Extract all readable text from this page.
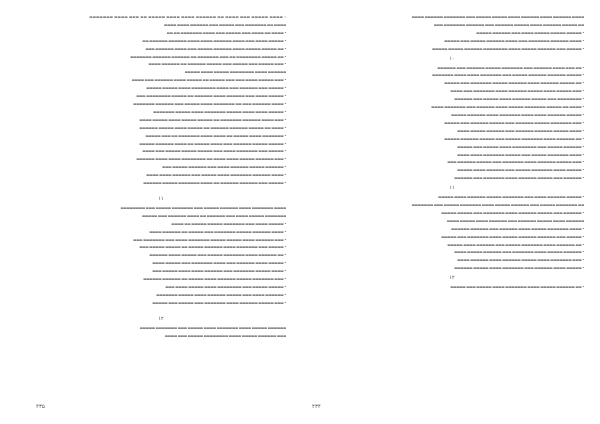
۱ ▬▬▬▬ ▬▬▬▬▬ ▬▬▬ ▬▬▬▬ ▬▬ ▬▬▬▬▬▬ ▬▬▬▬ ▬▬▬▬ ▬▬▬▬▬ ▬▬ ▬▬▬ ▬▬▬▬ ▬▬▬▬▬▬▬
▬▬▬▬ ▬▬ ▬▬▬▬▬▬▬ ▬▬▬ ▬▬▬▬▬ ▬▬▬ ▬▬▬▬▬▬ ▬▬▬▬ ▬▬▬▬
• ▬▬▬▬ ▬▬ ▬▬▬▬ ▬▬▬ ▬▬▬▬▬ ▬▬▬ ▬▬▬▬ ▬▬▬▬▬▬▬ ▬▬ ▬▬
• ▬▬▬▬▬ ▬▬▬▬ ▬▬▬ ▬▬▬▬ ▬▬▬▬▬▬ ▬▬▬▬ ▬▬▬▬ ▬▬▬▬▬▬ ▬▬▬▬▬▬ ▬▬
• ▬▬ ▬▬▬▬▬ ▬▬▬▬▬ ▬▬▬▬ ▬▬▬▬▬▬ ▬▬▬▬▬ ▬▬▬ ▬▬▬▬ ▬▬▬▬▬▬ ▬▬▬
• ▬▬ ▬▬▬▬▬ ▬▬▬▬▬▬▬▬ ▬▬ ▬▬▬ ▬▬▬▬▬▬▬ ▬▬ ▬▬▬▬▬▬ ▬▬▬▬▬▬ ▬▬▬▬▬▬▬
• ▬▬▬ ▬▬▬▬▬ ▬▬▬ ▬▬▬▬▬ ▬▬▬ ▬▬▬▬▬ ▬▬▬▬▬▬ ▬▬ ▬▬▬▬▬▬ ▬▬▬▬
▬▬▬▬▬▬ ▬▬▬▬ ▬▬▬▬▬▬▬▬ ▬▬▬▬▬ ▬▬▬▬ ▬▬▬▬▬
• ▬▬▬ ▬▬▬▬▬ ▬▬▬▬ ▬▬▬ ▬▬▬ ▬▬▬▬▬ ▬▬ ▬▬▬▬▬ ▬▬▬▬ ▬▬▬▬▬▬ ▬▬▬ ▬▬▬▬
• ▬▬▬▬▬ ▬▬▬ ▬▬▬▬▬▬ ▬▬▬ ▬▬▬▬ ▬▬▬▬▬▬▬▬ ▬▬▬▬ ▬▬▬▬▬ ▬▬▬▬▬
• ▬▬▬▬▬ ▬▬▬▬ ▬▬▬ ▬▬▬▬▬▬ ▬▬▬▬ ▬▬▬▬▬▬ ▬▬ ▬▬▬▬▬ ▬▬▬▬▬▬▬▬ ▬▬▬
• ▬▬▬▬ ▬▬▬▬▬▬ ▬▬▬ ▬▬ ▬▬▬▬▬▬▬ ▬▬▬▬ ▬▬▬▬▬ ▬▬▬ ▬▬▬▬▬▬ ▬▬▬▬▬▬▬
• ▬▬▬▬▬ ▬▬▬▬ ▬▬▬▬ ▬▬▬▬▬ ▬▬▬▬▬▬▬ ▬▬▬▬ ▬▬▬▬▬ ▬▬▬▬▬▬▬
• ▬▬▬ ▬▬▬▬ ▬▬▬▬▬▬ ▬▬▬▬▬▬▬ ▬▬ ▬▬▬▬▬ ▬▬▬▬▬ ▬▬▬▬ ▬▬▬▬▬ ▬▬▬▬
• ▬▬▬▬ ▬▬ ▬▬▬▬▬ ▬▬▬▬▬▬ ▬▬▬▬▬▬ ▬▬ ▬▬▬▬▬ ▬▬▬▬ ▬▬▬▬▬ ▬▬▬▬▬▬
• ▬▬▬▬▬▬▬ ▬▬▬▬ ▬▬▬▬▬ ▬▬ ▬▬▬▬ ▬▬▬▬ ▬▬▬▬▬▬▬ ▬▬ ▬▬▬ ▬▬▬▬▬
• ▬▬▬▬▬ ▬▬▬▬▬ ▬▬▬▬▬▬ ▬▬▬ ▬▬▬▬ ▬▬▬▬▬ ▬▬ ▬▬▬▬ ▬▬▬▬▬▬ ▬▬▬▬▬
• ▬▬▬▬▬ ▬▬▬ ▬▬▬▬▬▬▬ ▬▬▬▬ ▬▬▬ ▬▬▬▬▬ ▬▬▬▬▬ ▬▬▬▬▬ ▬▬▬ ▬▬▬▬
• ▬▬▬ ▬▬▬▬▬▬ ▬▬▬▬▬ ▬▬▬▬ ▬▬▬▬ ▬▬ ▬▬▬▬▬▬▬▬ ▬▬▬▬ ▬▬▬▬ ▬▬▬▬▬▬
• ▬▬▬▬▬▬ ▬▬▬▬▬ ▬▬▬▬▬▬ ▬▬▬▬ ▬▬▬ ▬▬▬▬▬▬ ▬▬▬▬▬ ▬▬▬
• ▬▬▬▬ ▬▬▬▬▬▬ ▬▬▬▬▬▬▬ ▬▬▬▬ ▬▬▬▬▬ ▬▬▬ ▬▬▬▬▬▬ ▬▬▬▬ ▬▬▬▬
• ▬▬▬▬▬ ▬▬▬ ▬▬▬▬▬▬ ▬▬▬▬▬▬ ▬▬ ▬▬▬▬ ▬▬▬▬▬▬▬ ▬▬▬▬▬ ▬▬▬▬▬▬
۱۱
▬▬▬▬ ▬▬▬▬▬▬▬ ▬▬▬▬ ▬▬▬▬▬▬ ▬▬▬▬▬ ▬▬▬ ▬▬▬▬▬▬▬ ▬▬▬▬▬ ▬▬▬ ▬▬▬▬▬▬▬▬
▬▬▬▬▬▬▬ ▬▬▬▬▬ ▬▬▬▬ ▬▬▬ ▬▬▬▬▬▬ ▬▬ ▬▬▬▬ ▬▬▬▬▬▬ ▬▬▬ ▬▬▬▬▬
• ▬▬▬▬▬ ▬▬▬▬ ▬▬▬ ▬▬▬▬▬▬▬ ▬▬▬▬▬ ▬▬▬▬▬ ▬▬ ▬▬▬▬
• ▬▬▬▬ ▬▬▬▬▬▬ ▬▬▬▬▬ ▬▬▬▬▬▬▬ ▬▬▬ ▬▬▬▬▬ ▬▬ ▬▬▬▬▬▬ ▬▬▬▬
• ▬▬▬ ▬▬▬▬▬▬ ▬▬▬▬ ▬▬▬▬▬ ▬▬▬▬▬ ▬▬▬▬▬▬▬ ▬▬▬▬ ▬▬▬ ▬▬▬▬▬▬▬ ▬▬▬
• ▬▬▬▬▬ ▬▬▬ ▬▬▬▬▬▬▬ ▬▬▬▬ ▬▬▬▬▬▬ ▬▬▬▬▬ ▬▬ ▬▬▬▬▬ ▬▬▬▬▬ ▬▬▬
• ▬▬ ▬▬▬▬▬▬ ▬▬▬▬ ▬▬▬▬▬▬▬ ▬▬▬▬▬ ▬▬▬ ▬▬▬▬▬ ▬▬▬▬ ▬▬▬▬▬▬
• ▬▬▬▬▬ ▬▬▬▬ ▬▬▬▬▬▬ ▬▬▬ ▬▬▬▬ ▬▬▬▬▬▬▬ ▬▬▬ ▬▬▬▬▬ ▬▬▬▬
• ▬▬▬▬ ▬▬▬▬▬ ▬▬▬▬▬▬▬ ▬▬▬ ▬▬▬▬▬▬ ▬▬▬▬ ▬▬▬▬ ▬▬▬▬▬ ▬▬▬
• ▬▬▬ ▬▬▬▬▬▬▬ ▬▬▬▬▬ ▬▬▬▬▬▬ ▬▬▬▬ ▬▬▬▬▬ ▬▬ ▬▬▬▬▬▬ ▬▬▬▬▬▬
• ▬▬▬▬▬ ▬▬▬▬▬ ▬▬▬ ▬▬▬▬▬▬▬▬ ▬▬▬▬ ▬▬▬▬▬ ▬▬▬▬ ▬▬▬
• ▬▬▬▬▬▬ ▬▬▬▬ ▬▬▬ ▬▬▬▬▬ ▬▬▬▬▬▬ ▬▬▬▬ ▬▬▬▬▬ ▬▬▬▬▬▬▬
• ▬▬▬ ▬▬▬▬▬ ▬▬▬▬▬▬ ▬▬▬▬ ▬▬▬▬▬▬▬ ▬▬▬ ▬▬▬▬▬ ▬▬▬ ▬▬▬▬▬
۱۲
▬▬▬▬▬▬ ▬▬▬▬▬ ▬▬▬▬ ▬▬▬▬▬▬▬ ▬▬▬▬ ▬▬▬▬▬ ▬▬▬ ▬▬▬▬▬▬▬ ▬▬▬▬▬
▬▬▬ ▬▬▬▬▬▬ ▬▬▬▬▬ ▬▬▬▬ ▬▬▬▬▬▬▬▬ ▬▬▬▬▬ ▬▬▬ ▬▬▬▬
۴۳۵
▬▬▬▬ ▬▬▬▬▬▬ ▬▬▬▬ ▬▬▬▬▬▬ ▬▬▬▬ ▬▬▬▬▬ ▬▬▬▬▬ ▬▬▬ ▬▬▬▬▬▬▬ ▬▬▬▬▬▬ ▬▬▬▬
▬▬ ▬▬▬▬▬ ▬▬▬▬▬▬ ▬▬▬▬ ▬▬▬▬▬ ▬▬▬▬▬▬ ▬▬▬ ▬▬▬▬▬▬ ▬▬▬▬▬▬▬ ▬▬▬
• ▬▬▬▬▬ ▬▬▬▬▬ ▬▬▬▬▬ ▬▬▬▬ ▬▬▬ ▬▬▬▬▬▬ ▬▬▬▬▬
• ▬▬▬▬ ▬▬▬▬▬▬ ▬▬▬▬▬▬▬ ▬▬▬ ▬▬▬▬ ▬▬▬▬▬▬ ▬▬▬▬▬ ▬▬▬ ▬▬▬▬▬
• ▬▬▬▬▬ ▬▬▬ ▬▬▬▬▬▬ ▬▬▬▬▬ ▬▬▬▬ ▬▬▬▬▬▬▬▬ ▬▬▬▬▬▬ ▬▬▬▬▬ ▬▬▬▬▬
۱۰
• ▬▬ ▬▬▬ ▬▬▬▬ ▬▬▬▬▬▬ ▬▬▬ ▬▬▬▬▬▬▬ ▬▬▬▬▬ ▬▬▬▬▬▬ ▬▬▬ ▬▬▬▬▬▬
• ▬▬▬▬▬ ▬▬▬▬▬▬ ▬▬▬▬▬▬ ▬▬▬▬▬ ▬▬▬ ▬▬▬▬▬▬▬ ▬▬▬▬ ▬▬▬▬ ▬▬▬▬▬▬▬
• ▬▬ ▬▬▬▬▬ ▬▬▬▬▬▬ ▬▬▬▬ ▬▬▬▬▬▬ ▬▬▬▬▬ ▬▬▬▬▬▬▬ ▬▬▬ ▬▬▬▬▬
• ▬▬▬ ▬▬▬▬▬ ▬▬▬▬ ▬▬▬▬▬ ▬▬▬▬▬▬ ▬▬▬▬ ▬▬▬▬▬▬▬ ▬▬▬ ▬▬▬▬
• ▬▬▬▬▬▬▬▬ ▬▬▬ ▬▬▬▬▬ ▬▬▬▬▬▬ ▬▬▬▬ ▬▬▬▬▬ ▬▬▬ ▬▬▬▬▬▬
• ▬▬▬▬ ▬▬ ▬▬▬▬▬ ▬▬▬▬▬▬▬ ▬▬▬▬▬ ▬▬▬▬ ▬▬▬▬▬▬ ▬▬▬ ▬▬▬▬▬▬▬ ▬▬▬▬
• ▬▬▬▬▬ ▬▬▬▬▬▬ ▬▬▬▬ ▬▬▬▬ ▬▬▬▬▬▬▬ ▬▬▬▬ ▬▬▬▬▬▬ ▬▬▬▬▬
• ▬▬▬ ▬▬▬▬▬▬▬ ▬▬▬▬▬ ▬▬▬▬▬▬ ▬▬▬ ▬▬▬▬▬ ▬▬▬▬▬▬ ▬▬▬ ▬▬▬▬▬
• ▬▬▬▬ ▬▬▬▬▬ ▬▬▬▬▬▬ ▬▬▬▬▬▬ ▬▬▬ ▬▬▬▬▬▬ ▬▬▬▬▬ ▬▬▬▬
• ▬▬ ▬▬▬▬▬▬ ▬▬▬▬ ▬▬▬▬▬▬▬ ▬▬▬▬▬ ▬▬▬ ▬▬▬▬▬ ▬▬▬▬▬▬ ▬▬▬▬▬
• ▬▬▬▬▬▬ ▬▬▬▬▬ ▬▬▬ ▬▬▬▬▬▬▬▬ ▬▬▬▬ ▬▬▬▬▬ ▬▬▬ ▬▬▬▬▬
• ▬▬▬▬ ▬▬▬▬▬▬▬ ▬▬▬▬▬ ▬▬▬ ▬▬▬▬▬ ▬▬▬▬▬▬▬ ▬▬▬▬ ▬▬▬▬
• ▬▬▬ ▬▬▬▬▬ ▬▬▬▬▬▬ ▬▬▬▬ ▬▬▬▬▬▬▬ ▬▬▬ ▬▬▬▬▬ ▬▬▬▬▬▬ ▬▬▬
• ▬▬▬▬▬ ▬▬▬▬ ▬▬▬▬▬▬▬ ▬▬▬▬▬ ▬▬▬ ▬▬▬▬▬▬ ▬▬▬▬ ▬▬▬▬▬
• ▬▬▬▬▬▬ ▬▬▬ ▬▬▬▬▬ ▬▬▬▬▬▬ ▬▬▬▬ ▬▬▬▬▬▬▬ ▬▬▬ ▬▬▬▬▬▬
۱۱
• ▬▬▬▬▬ ▬▬▬▬▬▬ ▬▬▬▬ ▬▬▬ ▬▬▬▬▬▬▬ ▬▬▬▬▬ ▬▬▬▬▬▬ ▬▬▬▬ ▬▬▬▬▬
▬▬ ▬▬▬▬▬▬▬ ▬▬▬▬▬ ▬▬▬ ▬▬▬▬▬▬ ▬▬▬▬▬ ▬▬▬▬ ▬▬▬▬▬▬▬ ▬▬▬▬▬ ▬▬▬ ▬▬▬▬▬▬▬
• ▬▬▬▬▬▬ ▬▬▬ ▬▬▬▬▬ ▬▬▬▬▬▬ ▬▬▬▬ ▬▬▬▬▬▬▬ ▬▬▬ ▬▬▬▬▬ ▬▬▬▬▬
▬▬▬▬▬▬ ▬▬▬▬ ▬▬▬▬▬ ▬▬▬▬▬▬ ▬▬▬ ▬▬▬▬▬▬ ▬▬▬▬ ▬▬▬▬▬ ▬▬▬▬
• ▬▬▬▬ ▬▬▬▬▬▬▬ ▬▬▬▬▬ ▬▬▬▬ ▬▬▬▬▬▬ ▬▬▬ ▬▬▬▬▬▬ ▬▬▬▬▬▬
• ▬▬▬▬▬ ▬▬▬ ▬▬▬▬▬▬ ▬▬▬▬▬▬ ▬▬▬▬▬ ▬▬▬▬ ▬▬▬▬▬▬▬ ▬▬▬ ▬▬▬▬▬
• ▬▬ ▬▬▬▬▬▬ ▬▬▬▬ ▬▬▬▬▬▬▬ ▬▬▬▬▬ ▬▬▬ ▬▬▬▬▬▬ ▬▬▬▬ ▬▬▬▬▬
• ▬▬▬▬▬▬ ▬▬▬▬▬ ▬▬▬▬ ▬▬▬▬▬▬▬ ▬▬▬ ▬▬▬▬▬▬ ▬▬▬▬▬ ▬▬▬▬
• ▬▬▬ ▬▬▬▬▬▬▬ ▬▬▬▬ ▬▬▬▬▬ ▬▬▬▬▬▬ ▬▬▬▬ ▬▬▬▬▬▬ ▬▬▬▬
• ▬▬▬▬▬ ▬▬▬▬ ▬▬▬▬▬▬ ▬▬▬ ▬▬▬▬▬▬▬ ▬▬▬▬ ▬▬▬▬▬ ▬▬▬▬▬▬
۱۲
• ▬▬ ▬▬▬▬▬▬ ▬▬▬▬▬ ▬▬▬▬ ▬▬▬▬▬▬▬ ▬▬▬▬ ▬▬▬▬▬ ▬▬▬ ▬▬▬▬▬
۴۳۴
